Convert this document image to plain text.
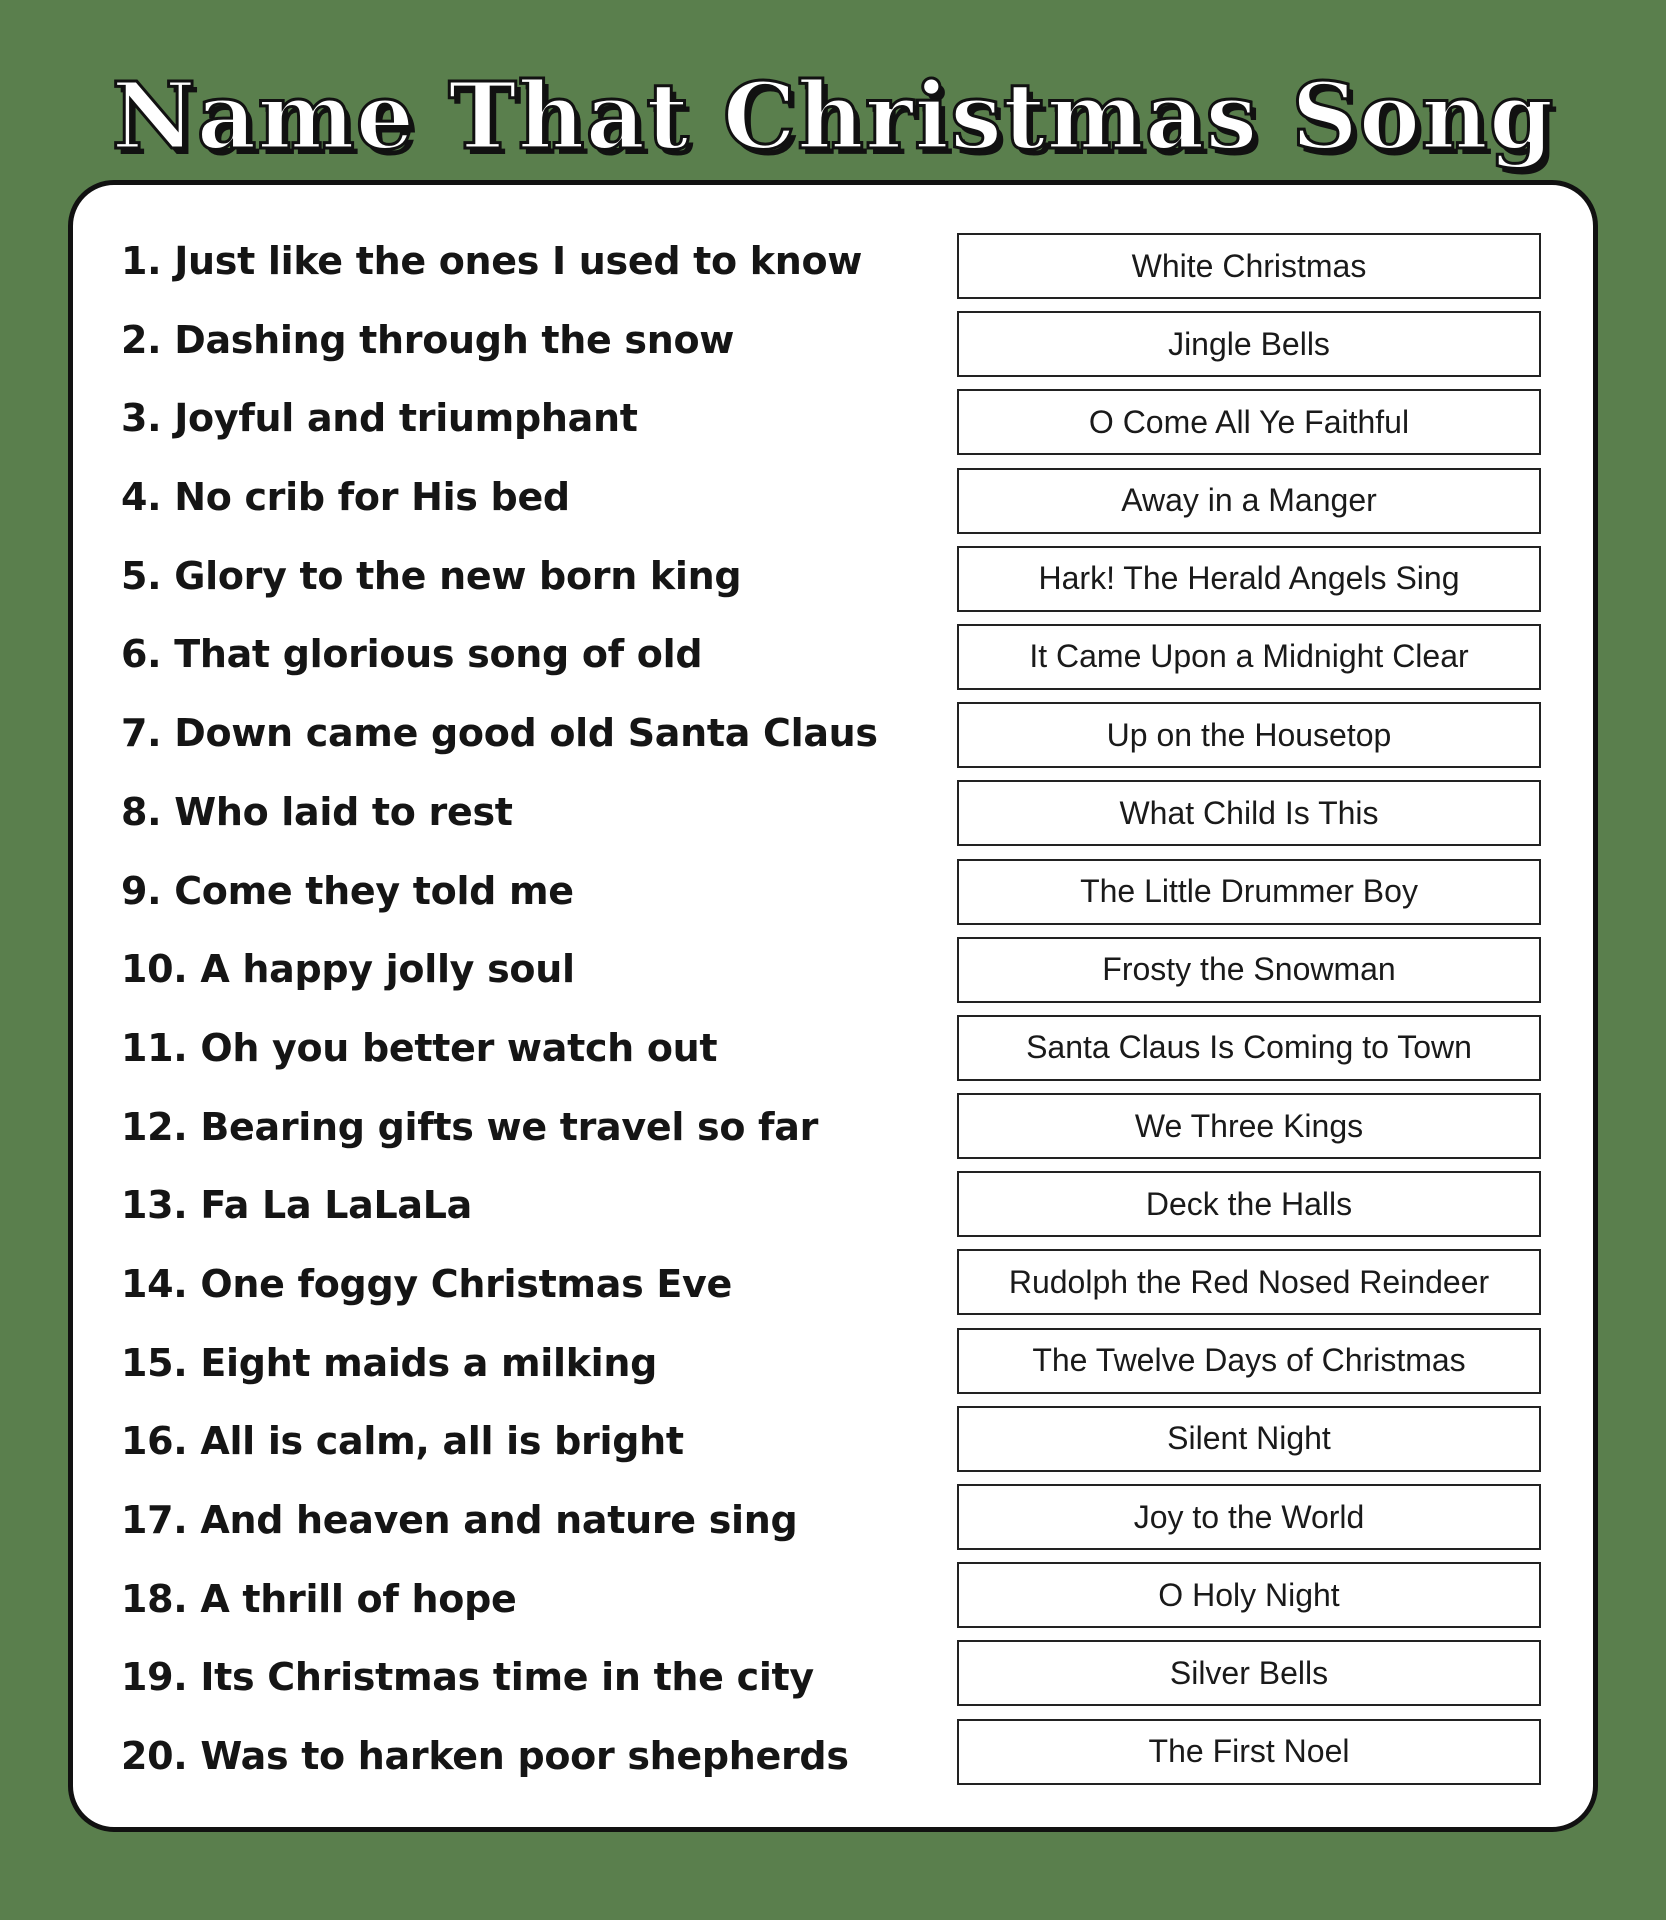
Name That Christmas Song
1. Just like the ones I used to know
2. Dashing through the snow
3. Joyful and triumphant
4. No crib for His bed
5. Glory to the new born king
6. That glorious song of old
7. Down came good old Santa Claus
8. Who laid to rest
9. Come they told me
10. A happy jolly soul
11. Oh you better watch out
12. Bearing gifts we travel so far
13. Fa La LaLaLa
14. One foggy Christmas Eve
15. Eight maids a milking
16. All is calm, all is bright
17. And heaven and nature sing
18. A thrill of hope
19. Its Christmas time in the city
20. Was to harken poor shepherds
White Christmas
Jingle Bells
O Come All Ye Faithful
Away in a Manger
Hark! The Herald Angels Sing
It Came Upon a Midnight Clear
Up on the Housetop
What Child Is This
The Little Drummer Boy
Frosty the Snowman
Santa Claus Is Coming to Town
We Three Kings
Deck the Halls
Rudolph the Red Nosed Reindeer
The Twelve Days of Christmas
Silent Night
Joy to the World
O Holy Night
Silver Bells
The First Noel
